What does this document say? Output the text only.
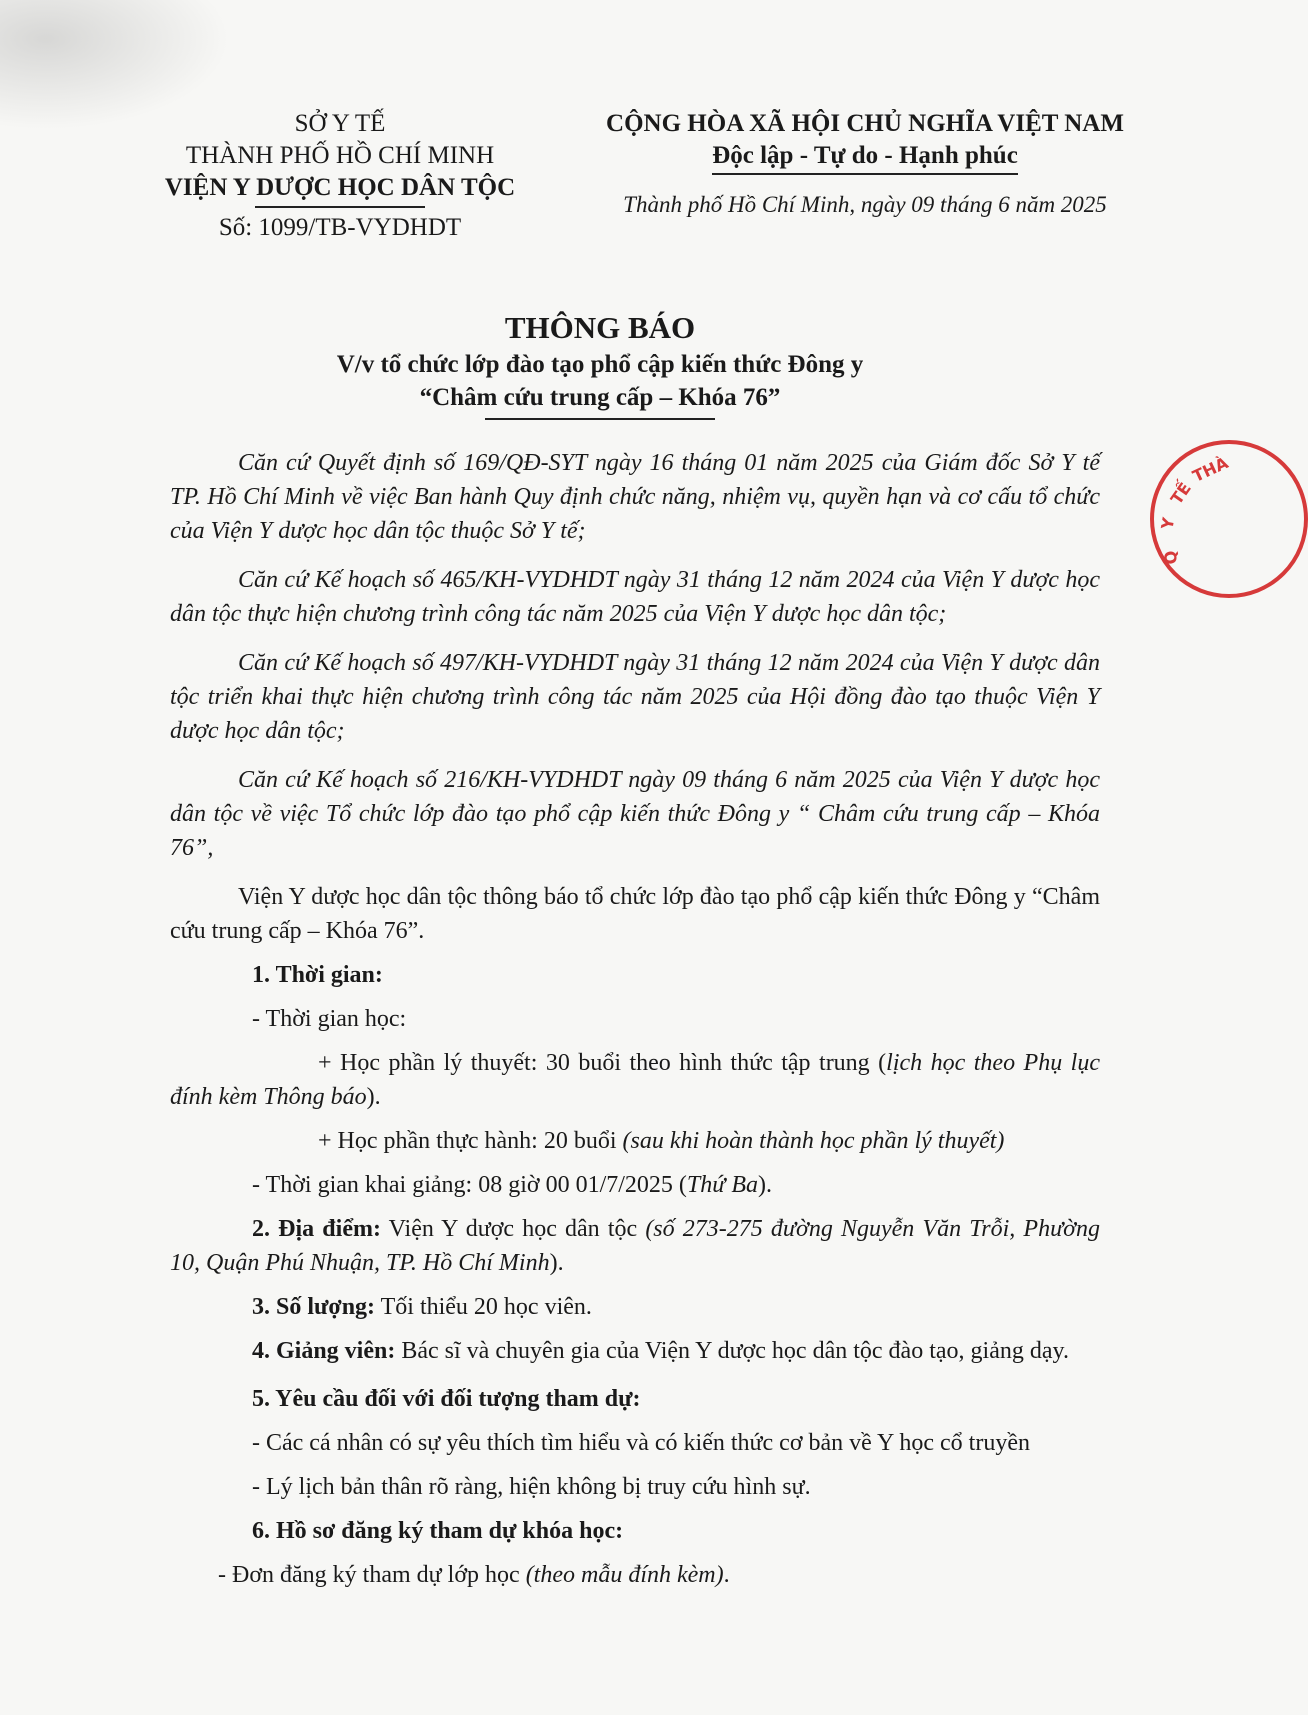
SỞ Y TẾ
THÀNH PHỐ HỒ CHÍ MINH
VIỆN Y DƯỢC HỌC DÂN TỘC
Số: 1099/TB-VYDHDT
CỘNG HÒA XÃ HỘI CHỦ NGHĨA VIỆT NAM
Độc lập - Tự do - Hạnh phúc
Thành phố Hồ Chí Minh, ngày 09 tháng 6 năm 2025
THÔNG BÁO
V/v tổ chức lớp đào tạo phổ cập kiến thức Đông y
“Châm cứu trung cấp – Khóa 76”

Căn cứ Quyết định số 169/QĐ-SYT ngày 16 tháng 01 năm 2025 của Giám đốc Sở Y tế TP. Hồ Chí Minh về việc Ban hành Quy định chức năng, nhiệm vụ, quyền hạn và cơ cấu tổ chức của Viện Y dược học dân tộc thuộc Sở Y tế;

Căn cứ Kế hoạch số 465/KH-VYDHDT ngày 31 tháng 12 năm 2024 của Viện Y dược học dân tộc thực hiện chương trình công tác năm 2025 của Viện Y dược học dân tộc;

Căn cứ Kế hoạch số 497/KH-VYDHDT ngày 31 tháng 12 năm 2024 của Viện Y dược dân tộc triển khai thực hiện chương trình công tác năm 2025 của Hội đồng đào tạo thuộc Viện Y dược học dân tộc;

Căn cứ Kế hoạch số 216/KH-VYDHDT ngày 09 tháng 6 năm 2025 của Viện Y dược học dân tộc về việc Tổ chức lớp đào tạo phổ cập kiến thức Đông y “ Châm cứu trung cấp – Khóa 76”,

Viện Y dược học dân tộc thông báo tổ chức lớp đào tạo phổ cập kiến thức Đông y “Châm cứu trung cấp – Khóa 76”.

1. Thời gian:

- Thời gian học:

+ Học phần lý thuyết: 30 buổi theo hình thức tập trung (lịch học theo Phụ lục đính kèm Thông báo).

+ Học phần thực hành: 20 buổi (sau khi hoàn thành học phần lý thuyết)

- Thời gian khai giảng: 08 giờ 00 01/7/2025 (Thứ Ba).

2. Địa điểm: Viện Y dược học dân tộc (số 273-275 đường Nguyễn Văn Trỗi, Phường 10, Quận Phú Nhuận, TP. Hồ Chí Minh).

3. Số lượng: Tối thiểu 20 học viên.

4. Giảng viên: Bác sĩ và chuyên gia của Viện Y dược học dân tộc đào tạo, giảng dạy.

5. Yêu cầu đối với đối tượng tham dự:

- Các cá nhân có sự yêu thích tìm hiểu và có kiến thức cơ bản về Y học cổ truyền

- Lý lịch bản thân rõ ràng, hiện không bị truy cứu hình sự.

6. Hồ sơ đăng ký tham dự khóa học:

- Đơn đăng ký tham dự lớp học (theo mẫu đính kèm).

Y
TẾ
THÀ
Q
